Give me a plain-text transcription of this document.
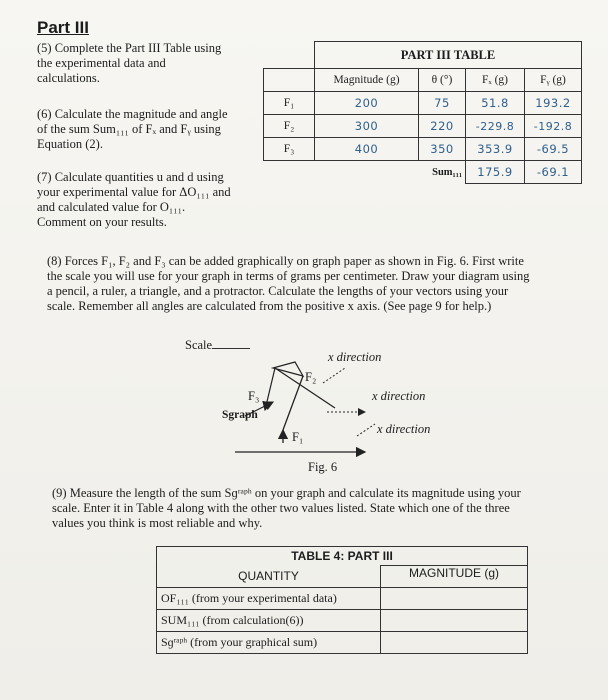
Part III
(5) Complete the Part III Table using
the experimental data and
calculations.
(6) Calculate the magnitude and angle
of the sum Sum₁₁₁ of Fₓ and Fᵧ using
Equation (2).
(7) Calculate quantities u and d using
your experimental value for ΔO₁₁₁ and
and calculated value for O₁₁₁.
Comment on your results.
	PART III TABLE			
	Magnitude (g)	θ (°)	Fₓ (g)	Fᵧ (g)
F₁	200	75	51.8	193.2
F₂	300	220	-229.8	-192.8
F₃	400	350	353.9	-69.5
		Sum₁₁₁	175.9	-69.1
(8) Forces F₁, F₂ and F₃ can be added graphically on graph paper as shown in Fig. 6. First write
the scale you will use for your graph in terms of grams per centimeter. Draw your diagram using
a pencil, a ruler, a triangle, and a protractor. Calculate the lengths of your vectors using your
scale. Remember all angles are calculated from the positive x axis. (See page 9 for help.)
Scale
x direction
F₂
F₃	x direction
Sgraph
x direction
F₁
Fig. 6
(9) Measure the length of the sum Sɡʳᵃᵖʰ on your graph and calculate its magnitude using your
scale. Enter it in Table 4 along with the other two values listed. State which one of the three
values you think is most reliable and why.
TABLE 4: PART III	
QUANTITY	MAGNITUDE (g)
OF₁₁₁ (from your experimental data)	
SUM₁₁₁ (from calculation(6))	
Sɡʳᵃᵖʰ (from your graphical sum)	
